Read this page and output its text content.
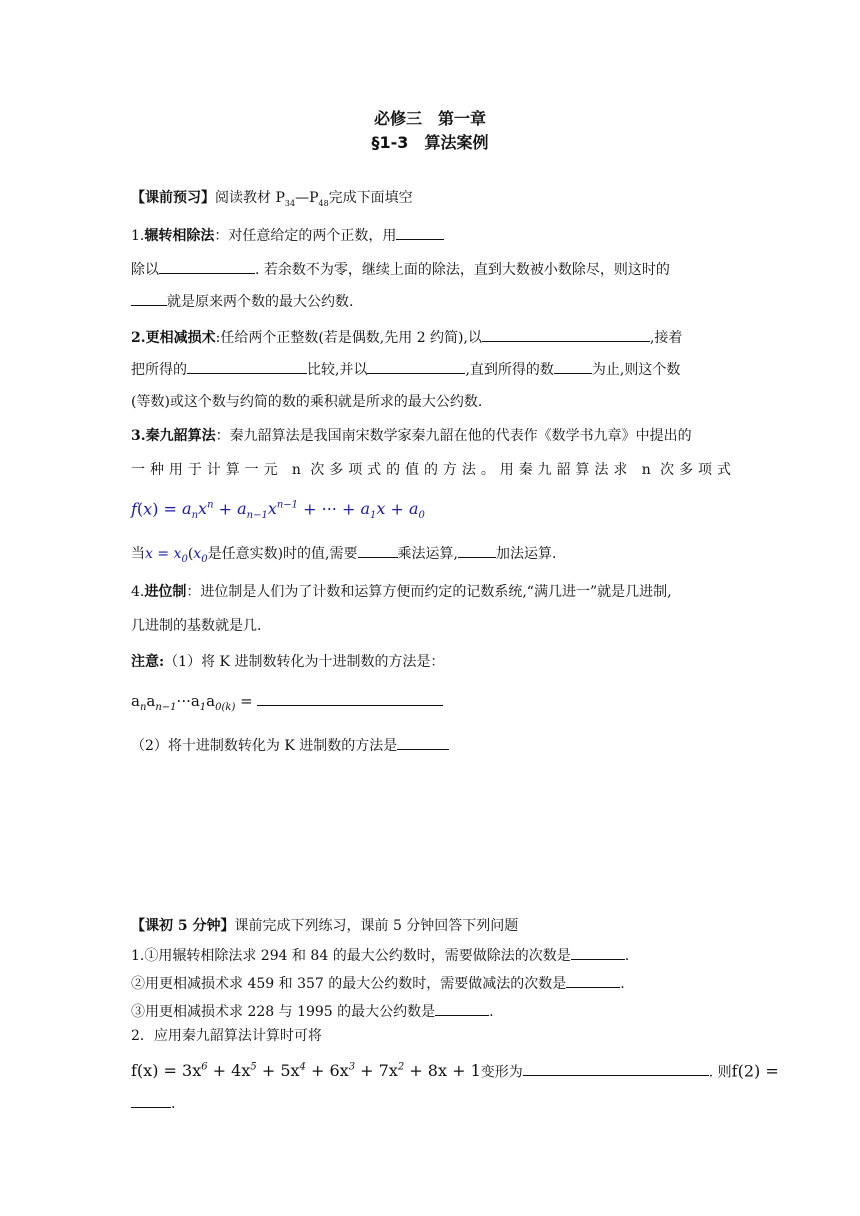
必修三　第一章
§1-3　算法案例
【课前预习】阅读教材 $P_{34}—P_{48}$完成下面填空
1.辗转相除法：对任意给定的两个正数，用
除以	. 若余数不为零，继续上面的除法，直到大数被小数除尽，则这时的
就是原来两个数的最大公约数.
2.更相减损术:任给两个正整数(若是偶数,先用 2 约简),以	,接着
把所得的	比较,并以	,直到所得的数	为止,则这个数
(等数)或这个数与约简的数的乘积就是所求的最大公约数.
3.秦九韶算法：秦九韶算法是我国南宋数学家秦九韶在他的代表作《数学书九章》中提出的
一种用于计算一元 n 次多项式的值的方法。用秦九韶算法求 n 次多项式
$f(x) = a_nx^n + a_{n-1}x^{n-1}$ + ··· + $a_1x + a_0$
当$x = x_0(x_0$是任意实数)时的值,需要	乘法运算,	加法运算.
4.进位制：进位制是人们为了计数和运算方便而约定的记数系统,“满几进一”就是几进制,
几进制的基数就是几.
注意:（1）将 K 进制数转化为十进制数的方法是：
$a_na_{n-1}\cdot\cdot\cdot a_1a_{0(k)}$ =
（2）将十进制数转化为 K 进制数的方法是
【课初 5 分钟】课前完成下列练习，课前 5 分钟回答下列问题
1.①用辗转相除法求 294 和 84 的最大公约数时，需要做除法的次数是	.
②用更相减损术求 459 和 357 的最大公约数时，需要做减法的次数是	.
③用更相减损术求 228 与 1995 的最大公约数是	.
2．应用秦九韶算法计算时可将
$f(x) = 3x^6 + 4x^5 + 5x^4 + 6x^3 + 7x^2 + 8x + 1$变形为	. 则f(2) =
.
